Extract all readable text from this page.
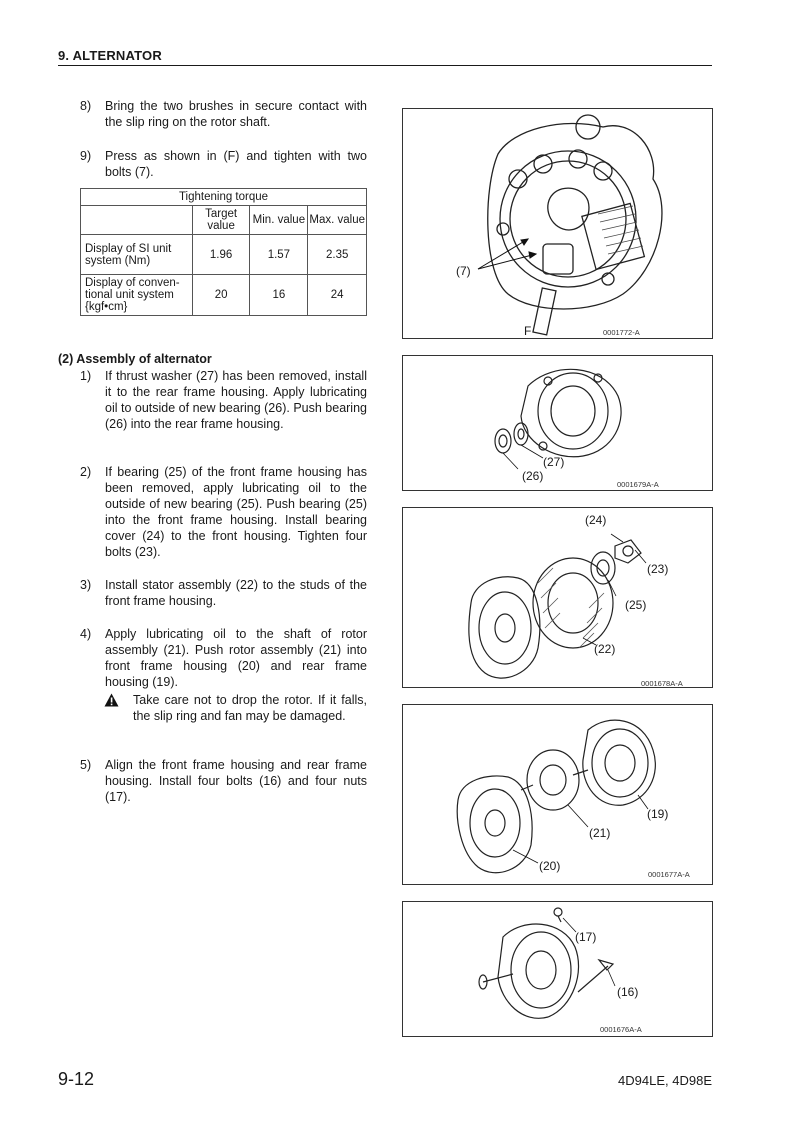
9. ALTERNATOR
8) Bring the two brushes in secure contact with the slip ring on the rotor shaft.
9) Press as shown in (F) and tighten with two bolts (7).
Tightening torque			
	Target value	Min. value	Max. value
Display of SI unit system (Nm)	1.96	1.57	2.35
Display of conven- tional unit system {kgf•cm}	20	16	24
(2) Assembly of alternator
1) If thrust washer (27) has been removed, install it to the rear frame housing. Apply lubricating oil to outside of new bearing (26). Push bearing (26) into the rear frame housing.
2) If bearing (25) of the front frame housing has been removed, apply lubricating oil to the outside of new bearing (25). Push bearing (25) into the front frame housing. Install bearing cover (24) to the front housing. Tighten four bolts (23).
3) Install stator assembly (22) to the studs of the front frame housing.
4) Apply lubricating oil to the shaft of rotor assembly (21). Push rotor assembly (21) into front frame housing (20) and rear frame housing (19).
Take care not to drop the rotor. If it falls, the slip ring and fan may be damaged.
5) Align the front frame housing and rear frame housing. Install four bolts (16) and four nuts (17).
(7)
F	0001772-A
(27)
(26)
0001679A-A
(24)
(23)
(25)
(22)
0001678A-A
(19)
(21)
(20)
0001677A-A
(17)
(16)
0001676A-A
9-12	4D94LE, 4D98E
